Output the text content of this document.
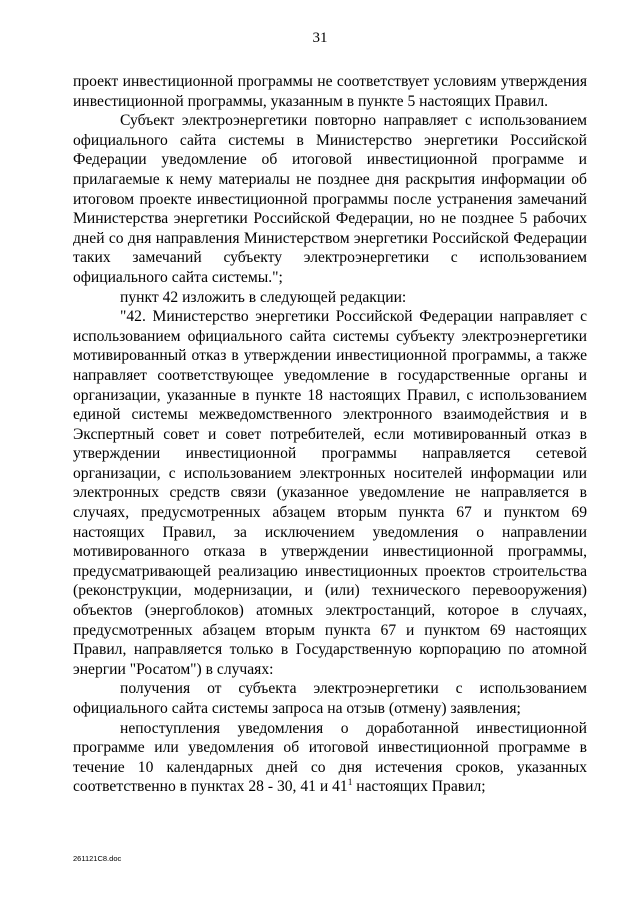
31

проект инвестиционной программы не соответствует условиям утверждения инвестиционной программы, указанным в пункте 5 настоящих Правил.

Субъект электроэнергетики повторно направляет с использованием официального сайта системы в Министерство энергетики Российской Федерации уведомление об итоговой инвестиционной программе и прилагаемые к нему материалы не позднее дня раскрытия информации об итоговом проекте инвестиционной программы после устранения замечаний Министерства энергетики Российской Федерации, но не позднее 5 рабочих дней со дня направления Министерством энергетики Российской Федерации таких замечаний субъекту электроэнергетики с использованием официального сайта системы.";

пункт 42 изложить в следующей редакции:

"42. Министерство энергетики Российской Федерации направляет с использованием официального сайта системы субъекту электроэнергетики мотивированный отказ в утверждении инвестиционной программы, а также направляет соответствующее уведомление в государственные органы и организации, указанные в пункте 18 настоящих Правил, с использованием единой системы межведомственного электронного взаимодействия и в Экспертный совет и совет потребителей, если мотивированный отказ в утверждении инвестиционной программы направляется сетевой организации, с использованием электронных носителей информации или электронных средств связи (указанное уведомление не направляется в случаях, предусмотренных абзацем вторым пункта 67 и пунктом 69 настоящих Правил, за исключением уведомления о направлении мотивированного отказа в утверждении инвестиционной программы, предусматривающей реализацию инвестиционных проектов строительства (реконструкции, модернизации, и (или) технического перевооружения) объектов (энергоблоков) атомных электростанций, которое в случаях, предусмотренных абзацем вторым пункта 67 и пунктом 69 настоящих Правил, направляется только в Государственную корпорацию по атомной энергии "Росатом") в случаях:

получения от субъекта электроэнергетики с использованием официального сайта системы запроса на отзыв (отмену) заявления;

непоступления уведомления о доработанной инвестиционной программе или уведомления об итоговой инвестиционной программе в течение 10 календарных дней со дня истечения сроков, указанных соответственно в пунктах 28 - 30, 41 и $41^1$ настоящих Правил;

261121C8.doc
